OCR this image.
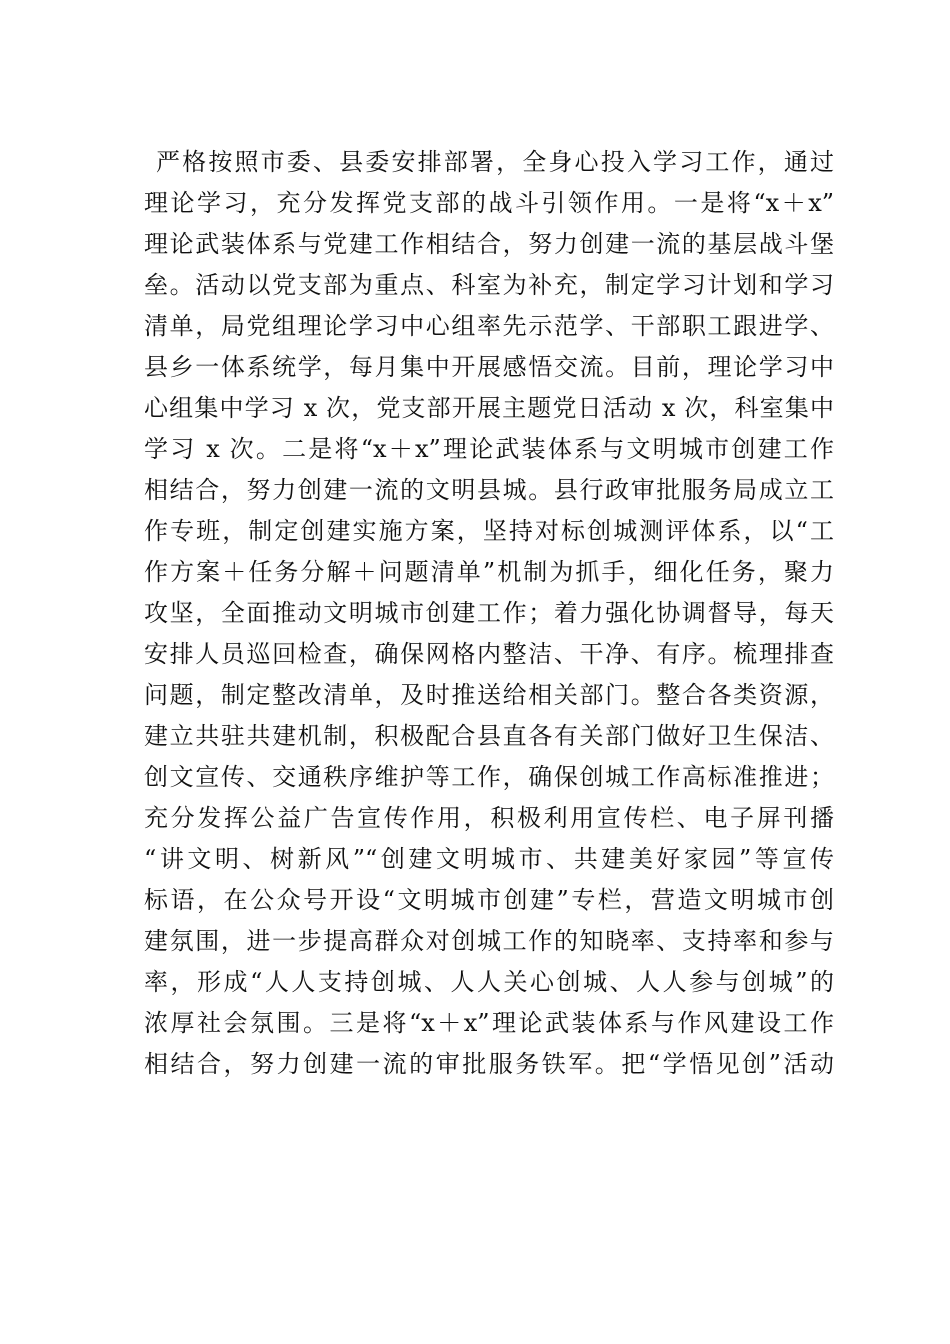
严格按照市委、县委安排部署，全身心投入学习工作，通过
理论学习，充分发挥党支部的战斗引领作用。一是将“x＋x”
理论武装体系与党建工作相结合，努力创建一流的基层战斗堡
垒。活动以党支部为重点、科室为补充，制定学习计划和学习
清单，局党组理论学习中心组率先示范学、干部职工跟进学、
县乡一体系统学，每月集中开展感悟交流。目前，理论学习中
心组集中学习 x 次，党支部开展主题党日活动 x 次，科室集中
学习 x 次。二是将“x＋x”理论武装体系与文明城市创建工作
相结合，努力创建一流的文明县城。县行政审批服务局成立工
作专班，制定创建实施方案，坚持对标创城测评体系，以“工
作方案＋任务分解＋问题清单”机制为抓手，细化任务，聚力
攻坚，全面推动文明城市创建工作；着力强化协调督导，每天
安排人员巡回检查，确保网格内整洁、干净、有序。梳理排查
问题，制定整改清单，及时推送给相关部门。整合各类资源，
建立共驻共建机制，积极配合县直各有关部门做好卫生保洁、
创文宣传、交通秩序维护等工作，确保创城工作高标准推进；
充分发挥公益广告宣传作用，积极利用宣传栏、电子屏刊播
“讲文明、树新风”“创建文明城市、共建美好家园”等宣传
标语，在公众号开设“文明城市创建”专栏，营造文明城市创
建氛围，进一步提高群众对创城工作的知晓率、支持率和参与
率，形成“人人支持创城、人人关心创城、人人参与创城”的
浓厚社会氛围。三是将“x＋x”理论武装体系与作风建设工作
相结合，努力创建一流的审批服务铁军。把“学悟见创”活动
